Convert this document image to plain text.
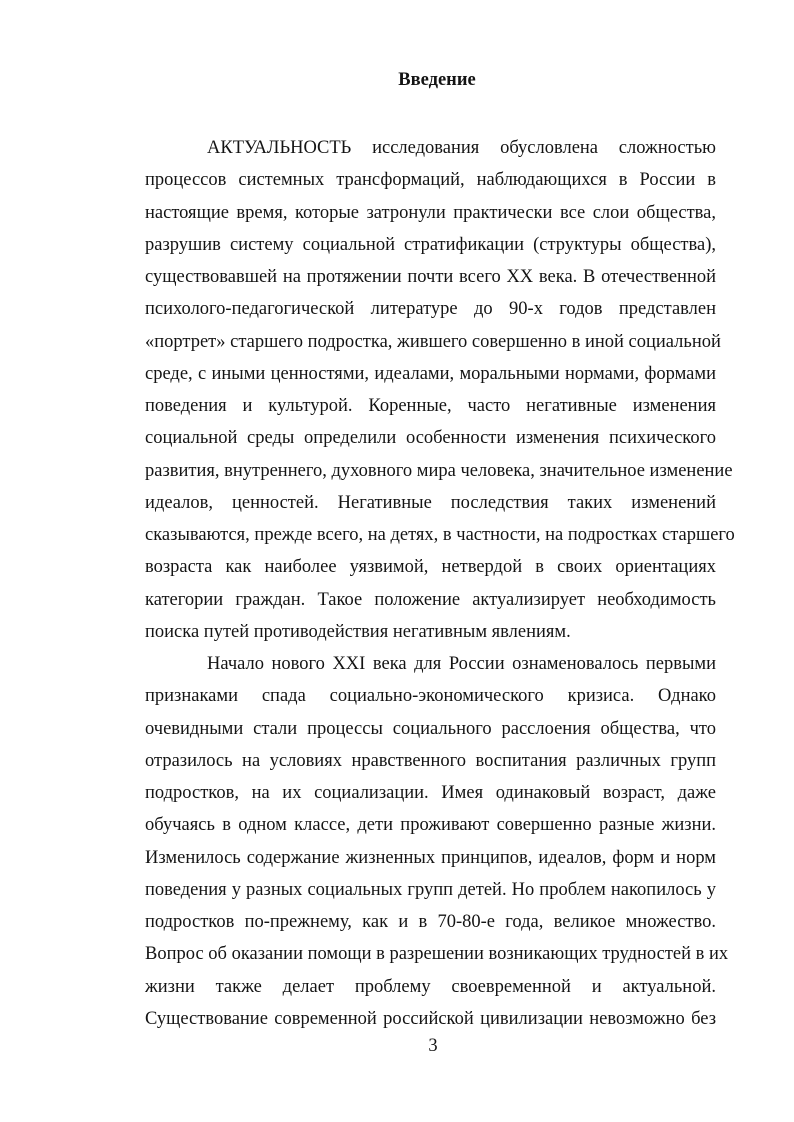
Введение
АКТУАЛЬНОСТЬ исследования обусловлена сложностью
процессов системных трансформаций, наблюдающихся в России в
настоящие время, которые затронули практически все слои общества,
разрушив систему социальной стратификации (структуры общества),
существовавшей на протяжении почти всего XX века. В отечественной
психолого-педагогической литературе до 90-х годов представлен
«портрет» старшего подростка, жившего совершенно в иной социальной
среде, с иными ценностями, идеалами, моральными нормами, формами
поведения и культурой. Коренные, часто негативные изменения
социальной среды определили особенности изменения психического
развития, внутреннего, духовного мира человека, значительное изменение
идеалов, ценностей. Негативные последствия таких изменений
сказываются, прежде всего, на детях, в частности, на подростках старшего
возраста как наиболее уязвимой, нетвердой в своих ориентациях
категории граждан. Такое положение актуализирует необходимость
поиска путей противодействия негативным явлениям.
Начало нового XXI века для России ознаменовалось первыми
признаками спада социально-экономического кризиса. Однако
очевидными стали процессы социального расслоения общества, что
отразилось на условиях нравственного воспитания различных групп
подростков, на их социализации. Имея одинаковый возраст, даже
обучаясь в одном классе, дети проживают совершенно разные жизни.
Изменилось содержание жизненных принципов, идеалов, форм и норм
поведения у разных социальных групп детей. Но проблем накопилось у
подростков по-прежнему, как и в 70-80-е года, великое множество.
Вопрос об оказании помощи в разрешении возникающих трудностей в их
жизни также делает проблему своевременной и актуальной.
Существование современной российской цивилизации невозможно без
3
